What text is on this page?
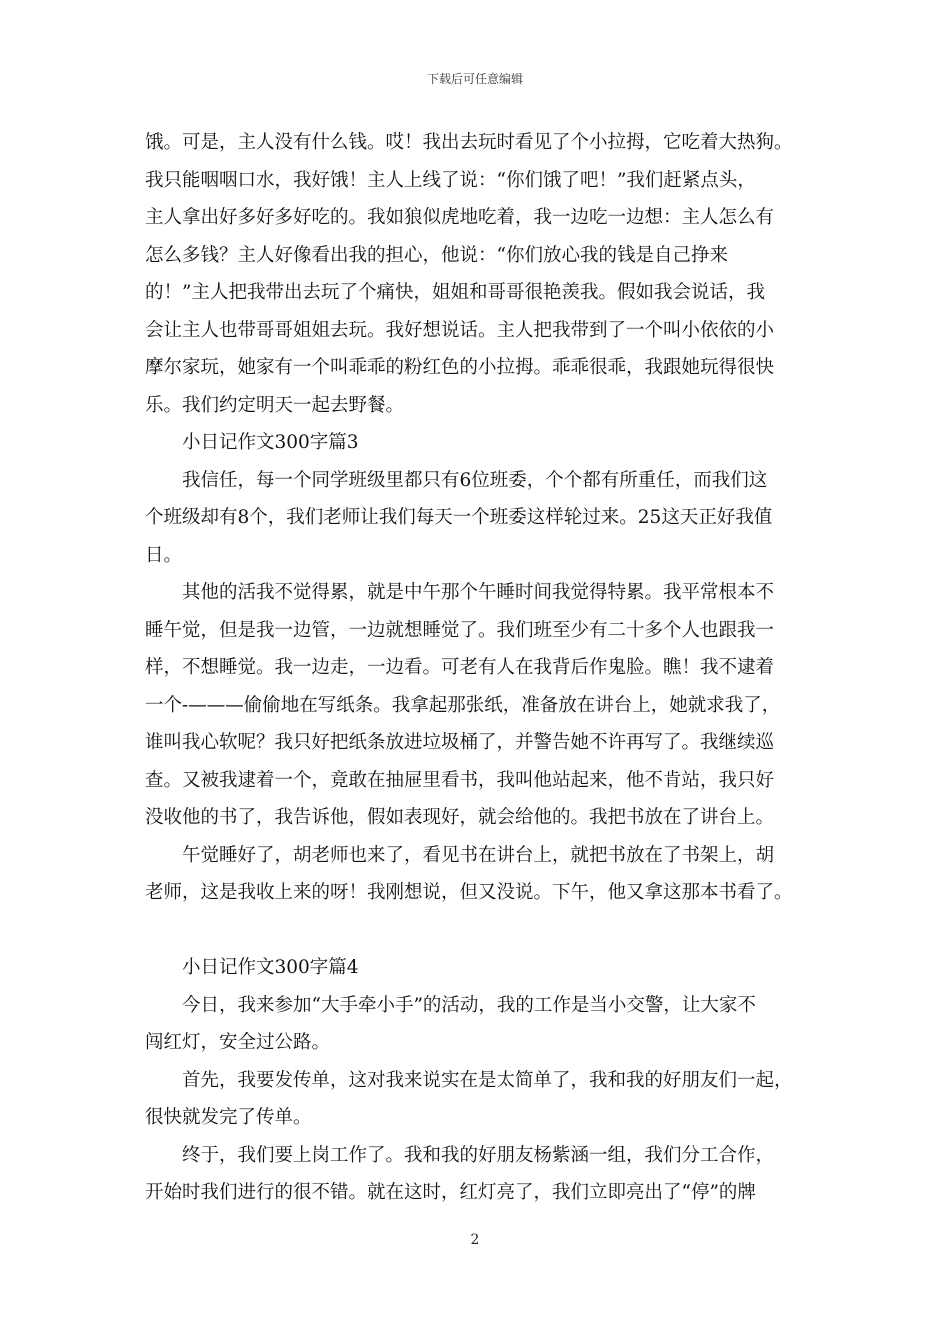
下载后可任意编辑

饿。可是，主人没有什么钱。哎！我出去玩时看见了个小拉拇，它吃着大热狗。

我只能咽咽口水，我好饿！主人上线了说：“你们饿了吧！”我们赶紧点头，

主人拿出好多好多好吃的。我如狼似虎地吃着，我一边吃一边想：主人怎么有

怎么多钱？主人好像看出我的担心，他说：“你们放心我的钱是自己挣来

的！”主人把我带出去玩了个痛快，姐姐和哥哥很艳羡我。假如我会说话，我

会让主人也带哥哥姐姐去玩。我好想说话。主人把我带到了一个叫小依依的小

摩尔家玩，她家有一个叫乖乖的粉红色的小拉拇。乖乖很乖，我跟她玩得很快

乐。我们约定明天一起去野餐。

小日记作文300字篇3

我信任，每一个同学班级里都只有6位班委，个个都有所重任，而我们这

个班级却有8个，我们老师让我们每天一个班委这样轮过来。25这天正好我值

日。

其他的活我不觉得累，就是中午那个午睡时间我觉得特累。我平常根本不

睡午觉，但是我一边管，一边就想睡觉了。我们班至少有二十多个人也跟我一

样，不想睡觉。我一边走，一边看。可老有人在我背后作鬼脸。瞧！我不逮着

一个-———偷偷地在写纸条。我拿起那张纸，准备放在讲台上，她就求我了，

谁叫我心软呢？我只好把纸条放进垃圾桶了，并警告她不许再写了。我继续巡

查。又被我逮着一个，竟敢在抽屉里看书，我叫他站起来，他不肯站，我只好

没收他的书了，我告诉他，假如表现好，就会给他的。我把书放在了讲台上。

午觉睡好了，胡老师也来了，看见书在讲台上，就把书放在了书架上，胡

老师，这是我收上来的呀！我刚想说，但又没说。下午，他又拿这那本书看了。

小日记作文300字篇4

今日，我来参加“大手牵小手”的活动，我的工作是当小交警，让大家不

闯红灯，安全过公路。

首先，我要发传单，这对我来说实在是太简单了，我和我的好朋友们一起，

很快就发完了传单。

终于，我们要上岗工作了。我和我的好朋友杨紫涵一组，我们分工合作，

开始时我们进行的很不错。就在这时，红灯亮了，我们立即亮出了“停”的牌

2
